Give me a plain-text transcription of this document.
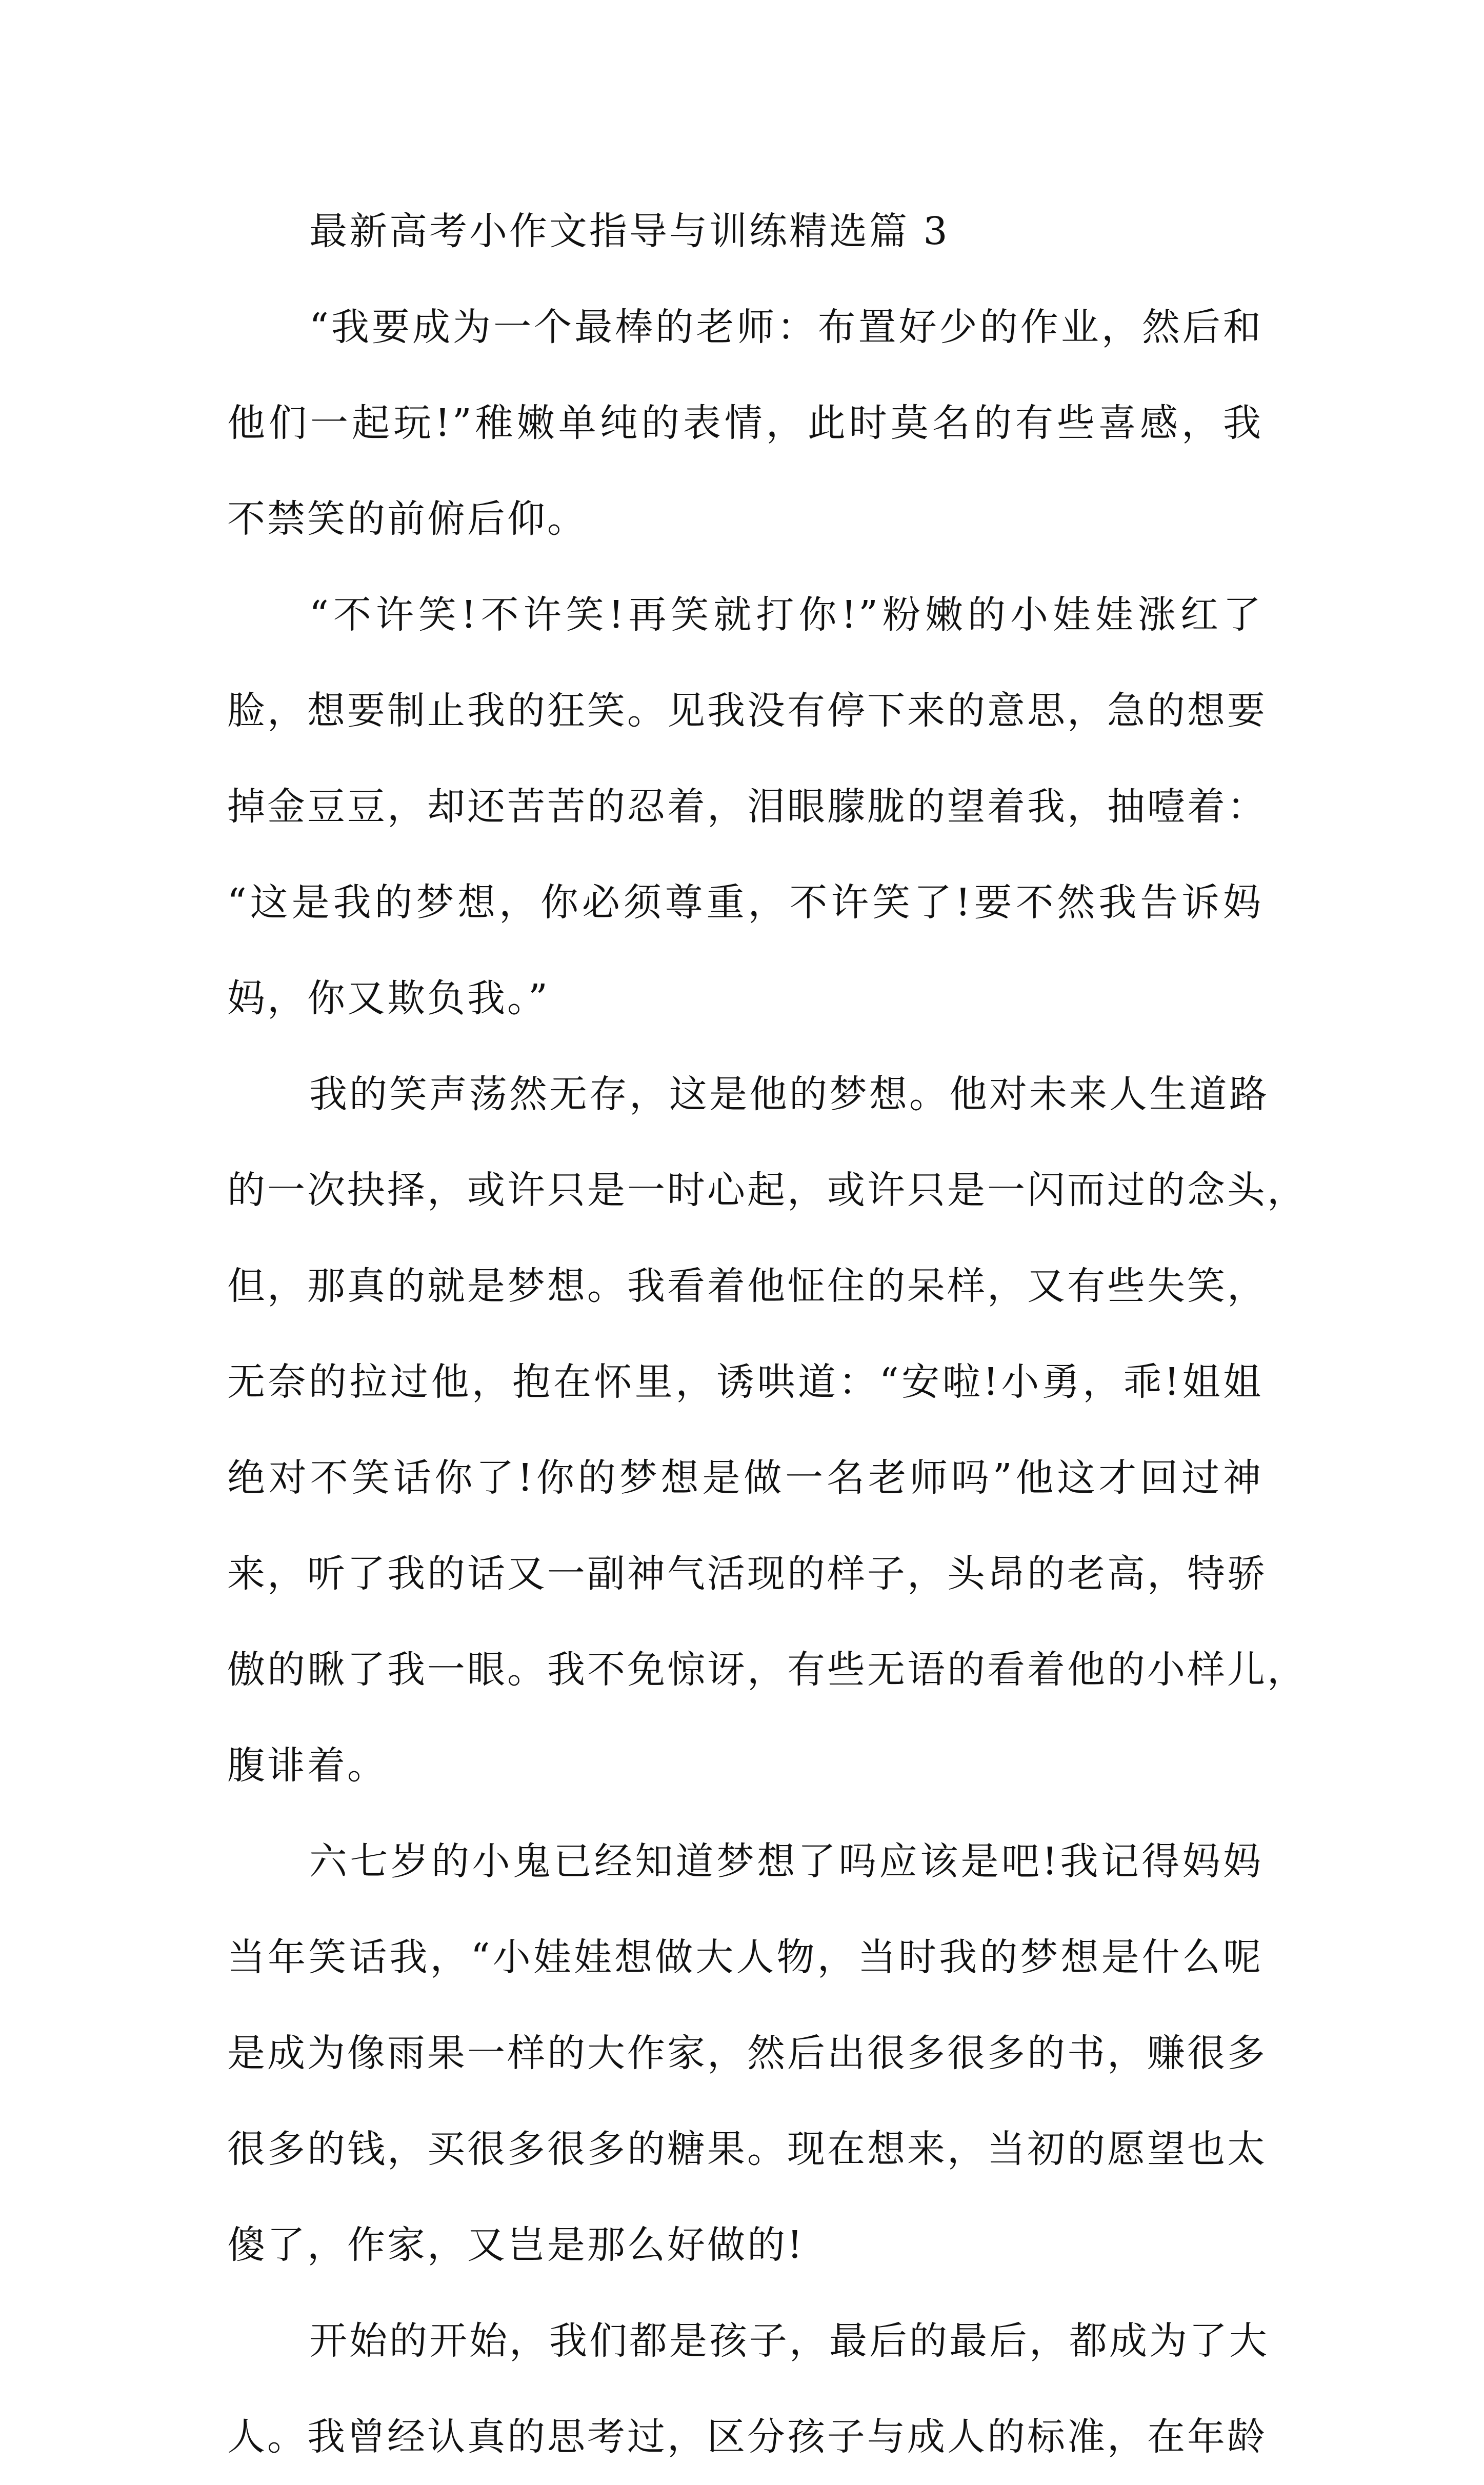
最新高考小作文指导与训练精选篇 3
“我要成为一个最棒的老师：布置好少的作业，然后和
他们一起玩!”稚嫩单纯的表情，此时莫名的有些喜感，我
不禁笑的前俯后仰。
“不许笑!不许笑!再笑就打你!”粉嫩的小娃娃涨红了
脸，想要制止我的狂笑。见我没有停下来的意思，急的想要
掉金豆豆，却还苦苦的忍着，泪眼朦胧的望着我，抽噎着：
“这是我的梦想，你必须尊重，不许笑了!要不然我告诉妈
妈，你又欺负我。”
我的笑声荡然无存，这是他的梦想。他对未来人生道路
的一次抉择，或许只是一时心起，或许只是一闪而过的念头，
但，那真的就是梦想。我看着他怔住的呆样，又有些失笑，
无奈的拉过他，抱在怀里，诱哄道：“安啦!小勇，乖!姐姐
绝对不笑话你了!你的梦想是做一名老师吗”他这才回过神
来，听了我的话又一副神气活现的样子，头昂的老高，特骄
傲的瞅了我一眼。我不免惊讶，有些无语的看着他的小样儿，
腹诽着。
六七岁的小鬼已经知道梦想了吗应该是吧!我记得妈妈
当年笑话我，“小娃娃想做大人物，当时我的梦想是什么呢
是成为像雨果一样的大作家，然后出很多很多的书，赚很多
很多的钱，买很多很多的糖果。现在想来，当初的愿望也太
傻了，作家，又岂是那么好做的!
开始的开始，我们都是孩子，最后的最后，都成为了大
人。我曾经认真的思考过，区分孩子与成人的标准，在年龄
